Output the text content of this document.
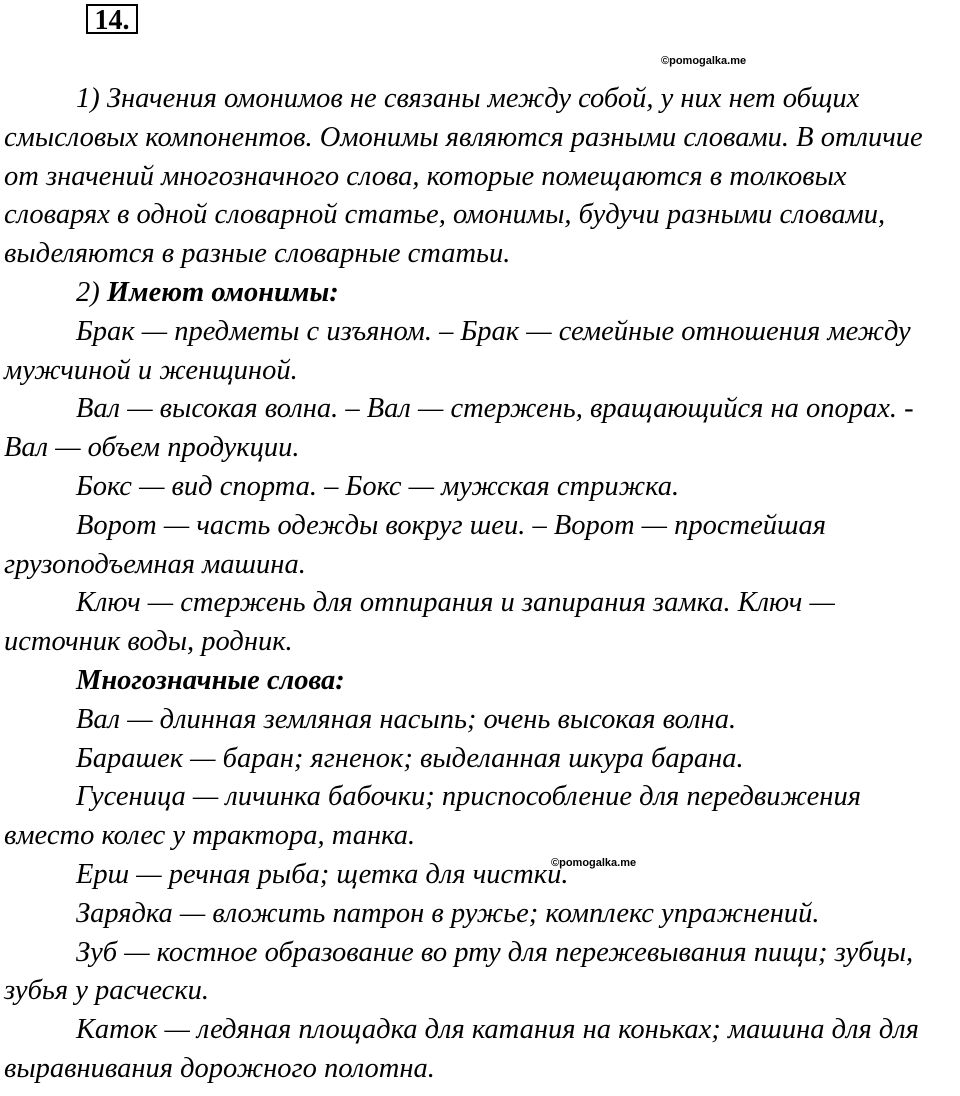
14.
©pomogalka.me
©pomogalka.me
1) Значения омонимов не связаны между собой, у них нет общих
смысловых компонентов. Омонимы являются разными словами. В отличие
от значений многозначного слова, которые помещаются в толковых
словарях в одной словарной статье, омонимы, будучи разными словами,
выделяются в разные словарные статьи.
2) Имеют омонимы:
Брак — предметы с изъяном. – Брак — семейные отношения между
мужчиной и женщиной.
Вал — высокая волна. – Вал — стержень, вращающийся на опорах. -
Вал — объем продукции.
Бокс — вид спорта. – Бокс — мужская стрижка.
Ворот — часть одежды вокруг шеи. – Ворот — простейшая
грузоподъемная машина.
Ключ — стержень для отпирания и запирания замка. Ключ —
источник воды, родник.
Многозначные слова:
Вал — длинная земляная насыпь; очень высокая волна.
Барашек — баран; ягненок; выделанная шкура барана.
Гусеница — личинка бабочки; приспособление для передвижения
вместо колес у трактора, танка.
Ерш — речная рыба; щетка для чистки.
Зарядка — вложить патрон в ружье; комплекс упражнений.
Зуб — костное образование во рту для пережевывания пищи; зубцы,
зубья у расчески.
Каток — ледяная площадка для катания на коньках; машина для для
выравнивания дорожного полотна.
